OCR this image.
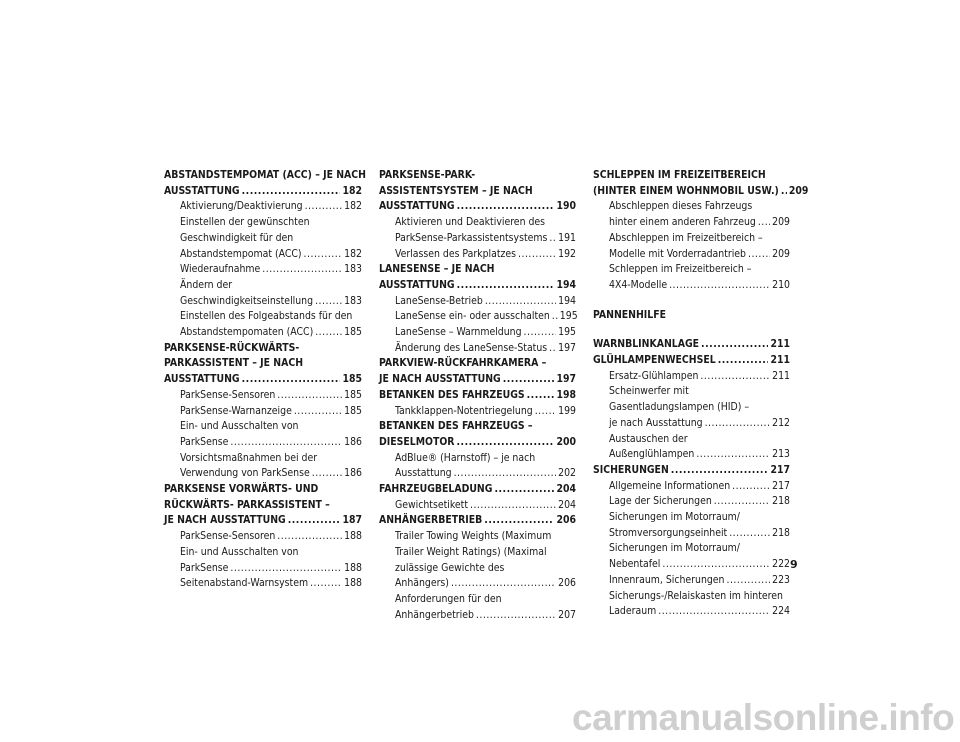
ABSTANDSTEMPOMAT (ACC) – JE NACH
AUSSTATTUNG .....	182
Aktivierung/Deaktivierung .....	182
Einstellen der gewünschten
Geschwindigkeit für den
Abstandstempomat (ACC) .....	182
Wiederaufnahme .....	183
Ändern der
Geschwindigkeitseinstellung .....	183
Einstellen des Folgeabstands für den
Abstandstempomaten (ACC) .....	185
PARKSENSE-RÜCKWÄRTS-
PARKASSISTENT – JE NACH
AUSSTATTUNG .....	185
ParkSense-Sensoren .....	185
ParkSense-Warnanzeige .....	185
Ein- und Ausschalten von
ParkSense .....	186
Vorsichtsmaßnahmen bei der
Verwendung von ParkSense .....	186
PARKSENSE VORWÄRTS- UND
RÜCKWÄRTS- PARKASSISTENT –
JE NACH AUSSTATTUNG .....	187
ParkSense-Sensoren .....	188
Ein- und Ausschalten von
ParkSense .....	188
Seitenabstand-Warnsystem .....	188
PARKSENSE-PARK-
ASSISTENTSYSTEM – JE NACH
AUSSTATTUNG .....	190
Aktivieren und Deaktivieren des
ParkSense-Parkassistentsystems ..... 191
Verlassen des Parkplatzes .....	192
LANESENSE – JE NACH
AUSSTATTUNG .....	194
LaneSense-Betrieb .....	194
LaneSense ein- oder ausschalten ..... 195
LaneSense – Warnmeldung .....	195
Änderung des LaneSense-Status ..... 197
PARKVIEW-RÜCKFAHRKAMERA –
JE NACH AUSSTATTUNG .....	197
BETANKEN DES FAHRZEUGS .....	198
Tankklappen-Notentriegelung ..... 199
BETANKEN DES FAHRZEUGS –
DIESELMOTOR .....	200
AdBlue® (Harnstoff) – je nach
Ausstattung .....	202
FAHRZEUGBELADUNG .....	204
Gewichtsetikett .....	204
ANHÄNGERBETRIEB .....	206
Trailer Towing Weights (Maximum
Trailer Weight Ratings) (Maximal
zulässige Gewichte des
Anhängers) .....	206
Anforderungen für den
Anhängerbetrieb .....	207
SCHLEPPEN IM FREIZEITBEREICH
(HINTER EINEM WOHNMOBIL USW.) ..... 209
Abschleppen dieses Fahrzeugs
hinter einem anderen Fahrzeug ..... 209
Abschleppen im Freizeitbereich –
Modelle mit Vorderradantrieb .....	209
Schleppen im Freizeitbereich –
4X4-Modelle .....	210
PANNENHILFE
WARNBLINKANLAGE .....	211
GLÜHLAMPENWECHSEL .....	211
Ersatz-Glühlampen .....	211
Scheinwerfer mit
Gasentladungslampen (HID) –
je nach Ausstattung .....	212
Austauschen der
Außenglühlampen .....	213
SICHERUNGEN .....	217
Allgemeine Informationen .....	217
Lage der Sicherungen .....	218
Sicherungen im Motorraum/
Stromversorgungseinheit .....	218
Sicherungen im Motorraum/
Nebentafel .....	222
Innenraum, Sicherungen .....	223
Sicherungs-/Relaiskasten im hinteren
Laderaum .....	224
9
carmanualsonline.info
